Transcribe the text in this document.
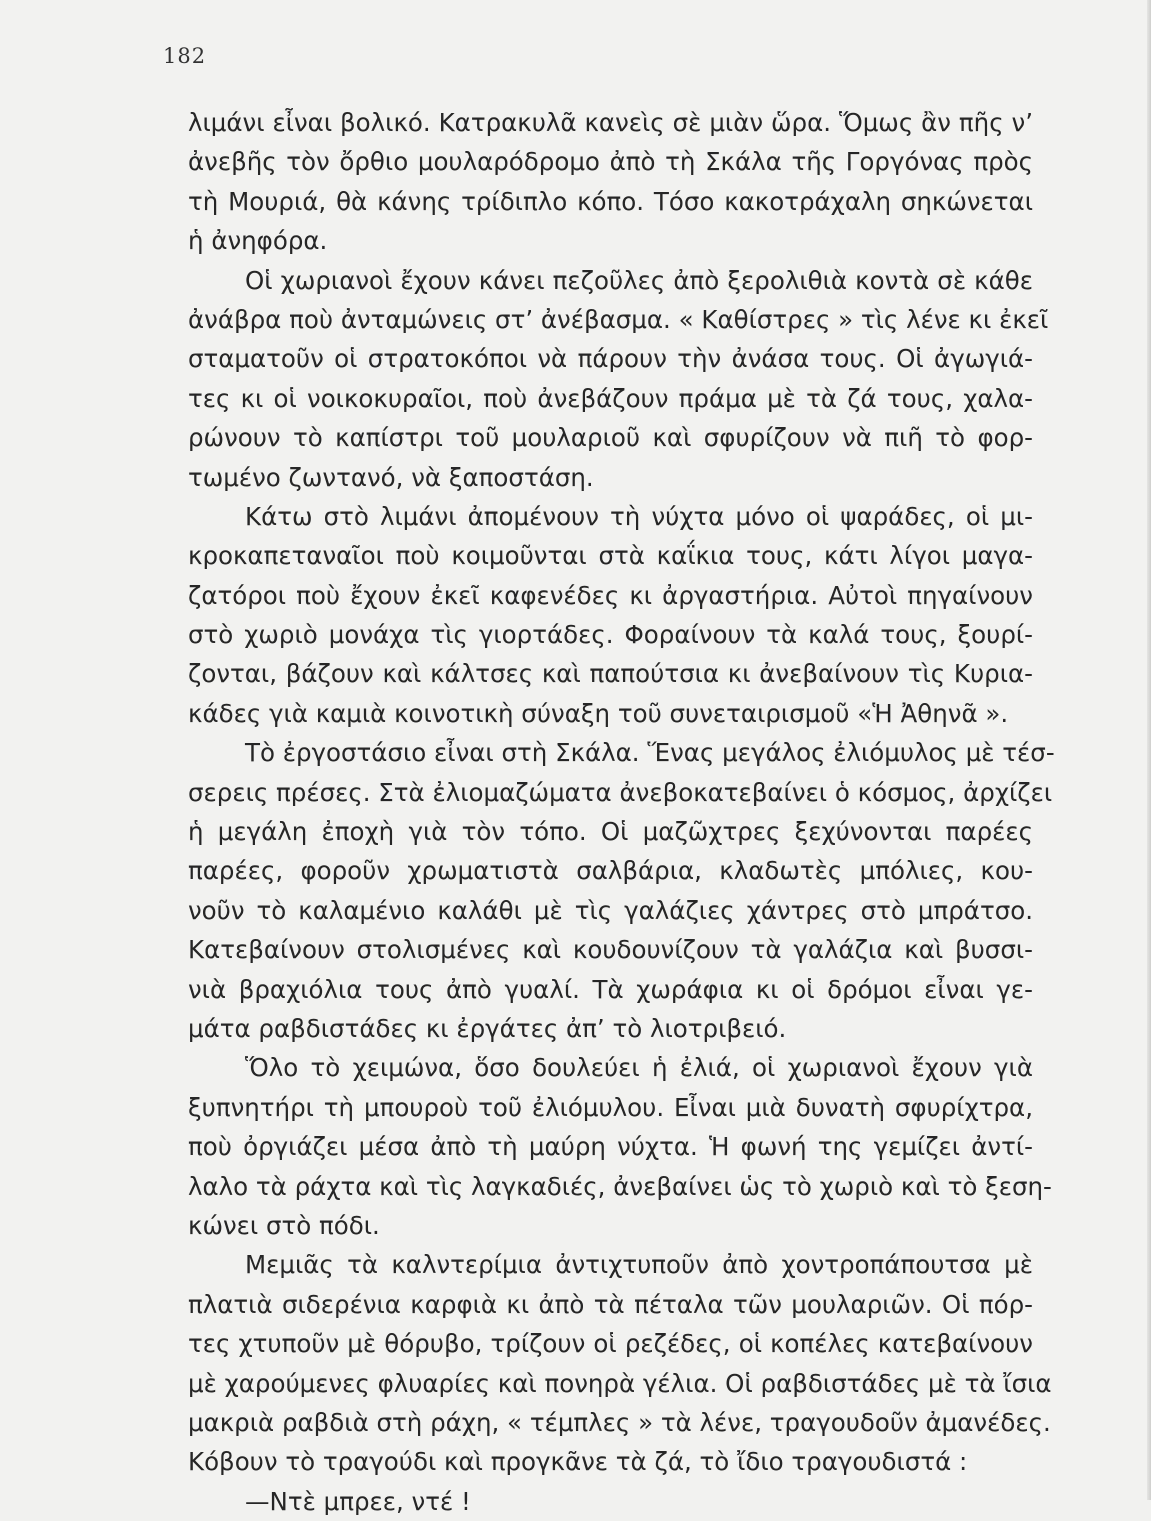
182
λιμάνι εἶναι βολικό. Κατρακυλᾶ κανεὶς σὲ μιὰν ὥρα. Ὅμως ἂν πῆς ν’
ἀνεβῆς τὸν ὄρθιο μουλαρόδρομο ἀπὸ τὴ Σκάλα τῆς Γοργόνας πρὸς
τὴ Μουριά, θὰ κάνης τρίδιπλο κόπο. Τόσο κακοτράχαλη σηκώνεται
ἡ ἀνηφόρα.
Οἱ χωριανοὶ ἔχουν κάνει πεζοῦλες ἀπὸ ξερολιθιὰ κοντὰ σὲ κάθε
ἀνάβρα ποὺ ἀνταμώνεις στ’ ἀνέβασμα. « Καθίστρες » τὶς λένε κι ἐκεῖ
σταματοῦν οἱ στρατοκόποι νὰ πάρουν τὴν ἀνάσα τους. Οἱ ἀγωγιά-
τες κι οἱ νοικοκυραῖοι, ποὺ ἀνεβάζουν πράμα μὲ τὰ ζά τους, χαλα-
ρώνουν τὸ καπίστρι τοῦ μουλαριοῦ καὶ σφυρίζουν νὰ πιῆ τὸ φορ-
τωμένο ζωντανό, νὰ ξαποστάση.
Κάτω στὸ λιμάνι ἀπομένουν τὴ νύχτα μόνο οἱ ψαράδες, οἱ μι-
κροκαπεταναῖοι ποὺ κοιμοῦνται στὰ καΐκια τους, κάτι λίγοι μαγα-
ζατόροι ποὺ ἔχουν ἐκεῖ καφενέδες κι ἀργαστήρια. Αὐτοὶ πηγαίνουν
στὸ χωριὸ μονάχα τὶς γιορτάδες. Φοραίνουν τὰ καλά τους, ξουρί-
ζονται, βάζουν καὶ κάλτσες καὶ παπούτσια κι ἀνεβαίνουν τὶς Κυρια-
κάδες γιὰ καμιὰ κοινοτικὴ σύναξη τοῦ συνεταιρισμοῦ «Ἡ Ἀθηνᾶ ».
Τὸ ἐργοστάσιο εἶναι στὴ Σκάλα. Ἕνας μεγάλος ἐλιόμυλος μὲ τέσ-
σερεις πρέσες. Στὰ ἐλιομαζώματα ἀνεβοκατεβαίνει ὁ κόσμος, ἀρχίζει
ἡ μεγάλη ἐποχὴ γιὰ τὸν τόπο. Οἱ μαζῶχτρες ξεχύνονται παρέες
παρέες, φοροῦν χρωματιστὰ σαλβάρια, κλαδωτὲς μπόλιες, κου-
νοῦν τὸ καλαμένιο καλάθι μὲ τὶς γαλάζιες χάντρες στὸ μπράτσο.
Κατεβαίνουν στολισμένες καὶ κουδουνίζουν τὰ γαλάζια καὶ βυσσι-
νιὰ βραχιόλια τους ἀπὸ γυαλί. Τὰ χωράφια κι οἱ δρόμοι εἶναι γε-
μάτα ραβδιστάδες κι ἐργάτες ἀπ’ τὸ λιοτριβειό.
Ὅλο τὸ χειμώνα, ὅσο δουλεύει ἡ ἐλιά, οἱ χωριανοὶ ἔχουν γιὰ
ξυπνητήρι τὴ μπουροὺ τοῦ ἐλιόμυλου. Εἶναι μιὰ δυνατὴ σφυρίχτρα,
ποὺ ὀργιάζει μέσα ἀπὸ τὴ μαύρη νύχτα. Ἡ φωνή της γεμίζει ἀντί-
λαλο τὰ ράχτα καὶ τὶς λαγκαδιές, ἀνεβαίνει ὡς τὸ χωριὸ καὶ τὸ ξεση-
κώνει στὸ πόδι.
Μεμιᾶς τὰ καλντερίμια ἀντιχτυποῦν ἀπὸ χοντροπάπουτσα μὲ
πλατιὰ σιδερένια καρφιὰ κι ἀπὸ τὰ πέταλα τῶν μουλαριῶν. Οἱ πόρ-
τες χτυποῦν μὲ θόρυβο, τρίζουν οἱ ρεζέδες, οἱ κοπέλες κατεβαίνουν
μὲ χαρούμενες φλυαρίες καὶ πονηρὰ γέλια. Οἱ ραβδιστάδες μὲ τὰ ἴσια
μακριὰ ραβδιὰ στὴ ράχη, « τέμπλες » τὰ λένε, τραγουδοῦν ἀμανέδες.
Κόβουν τὸ τραγούδι καὶ προγκᾶνε τὰ ζά, τὸ ἴδιο τραγουδιστά :
—Ντὲ μπρεε, ντέ !
